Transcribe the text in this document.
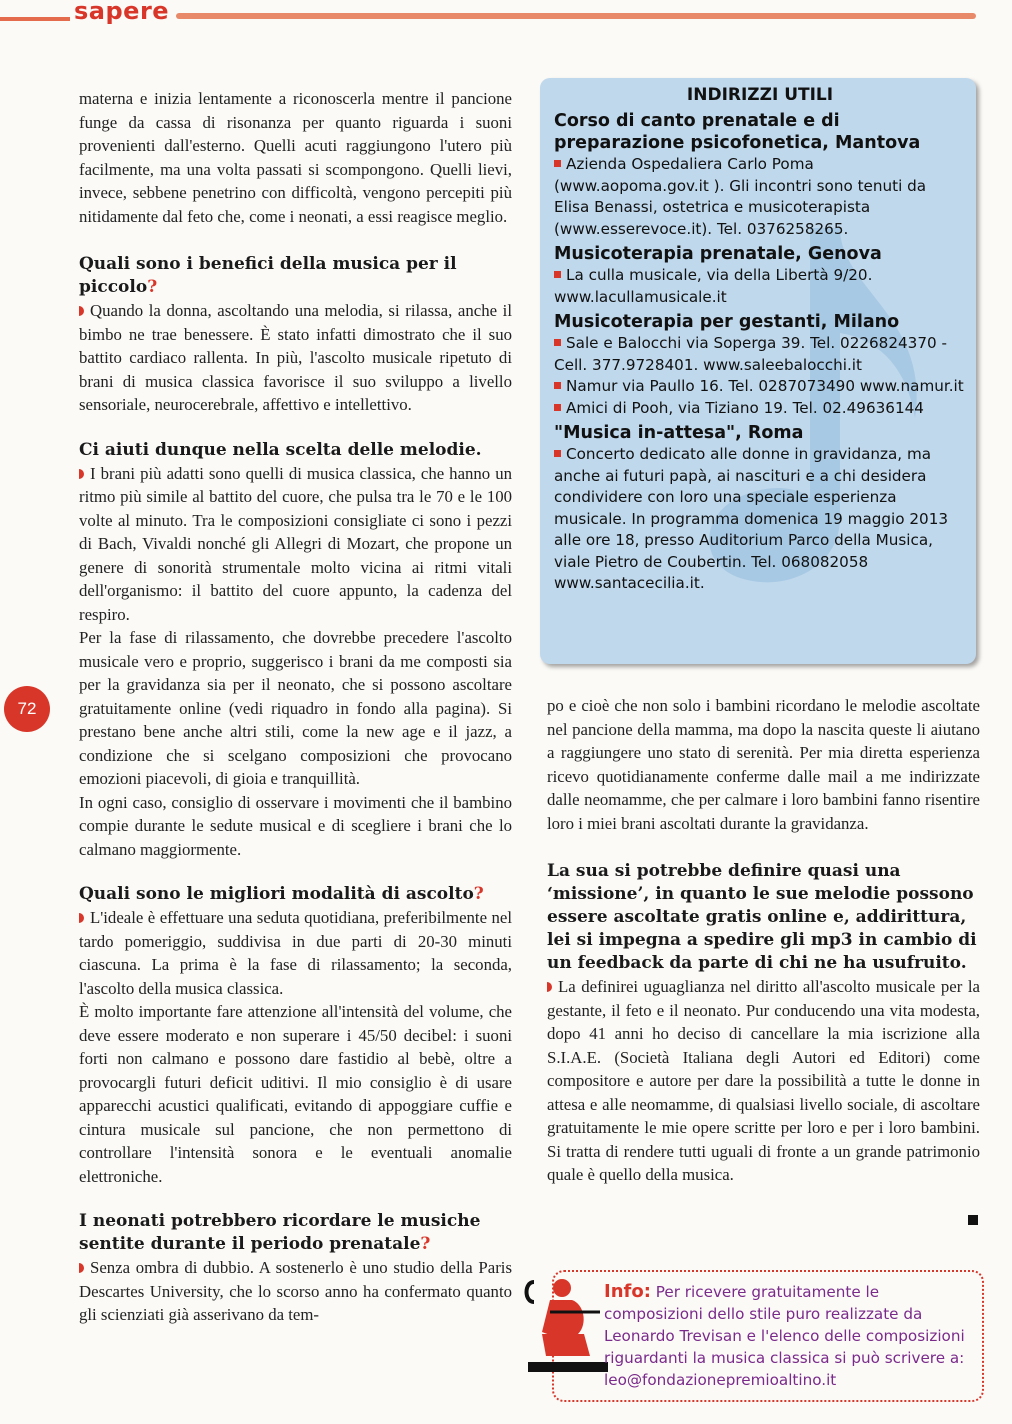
sapere

materna e inizia lentamente a riconoscerla mentre il pancione funge da cassa di risonanza per quanto riguarda i suoni provenienti dall'esterno. Quelli acuti raggiungono l'utero più facilmente, ma una volta passati si scompongono. Quelli lievi, invece, sebbene penetrino con difficoltà, vengono percepiti più nitidamente dal feto che, come i neonati, a essi reagisce meglio.

Quali sono i benefici della musica per il piccolo?

Quando la donna, ascoltando una melodia, si rilassa, anche il bimbo ne trae benessere. È stato infatti dimostrato che il suo battito cardiaco rallenta. In più, l'ascolto musicale ripetuto di brani di musica classica favorisce il suo sviluppo a livello sensoriale, neurocerebrale, affettivo e intellettivo.

Ci aiuti dunque nella scelta delle melodie.

I brani più adatti sono quelli di musica classica, che hanno un ritmo più simile al battito del cuore, che pulsa tra le 70 e le 100 volte al minuto. Tra le composizioni consigliate ci sono i pezzi di Bach, Vivaldi nonché gli Allegri di Mozart, che propone un genere di sonorità strumentale molto vicina ai ritmi vitali dell'organismo: il battito del cuore appunto, la cadenza del respiro.

Per la fase di rilassamento, che dovrebbe precedere l'ascolto musicale vero e proprio, suggerisco i brani da me composti sia per la gravidanza sia per il neonato, che si possono ascoltare gratuitamente online (vedi riquadro in fondo alla pagina). Si prestano bene anche altri stili, come la new age e il jazz, a condizione che si scelgano composizioni che provocano emozioni piacevoli, di gioia e tranquillità.

In ogni caso, consiglio di osservare i movimenti che il bambino compie durante le sedute musical e di scegliere i brani che lo calmano maggiormente.

Quali sono le migliori modalità di ascolto?

L'ideale è effettuare una seduta quotidiana, preferibilmente nel tardo pomeriggio, suddivisa in due parti di 20-30 minuti ciascuna. La prima è la fase di rilassamento; la seconda, l'ascolto della musica classica.

È molto importante fare attenzione all'intensità del volume, che deve essere moderato e non superare i 45/50 decibel: i suoni forti non calmano e possono dare fastidio al bebè, oltre a provocargli futuri deficit uditivi. Il mio consiglio è di usare apparecchi acustici qualificati, evitando di appoggiare cuffie e cintura musicale sul pancione, che non permettono di controllare l'intensità sonora e le eventuali anomalie elettroniche.

I neonati potrebbero ricordare le musiche sentite durante il periodo prenatale?

Senza ombra di dubbio. A sostenerlo è uno studio della Paris Descartes University, che lo scorso anno ha confermato quanto gli scienziati già asserivano da tem-

INDIRIZZI UTILI
Corso di canto prenatale e di preparazione psicofonetica, Mantova

Azienda Ospedaliera Carlo Poma (www.aopoma.gov.it ). Gli incontri sono tenuti da Elisa Benassi, ostetrica e musicoterapista (www.esserevoce.it). Tel. 0376258265.

Musicoterapia prenatale, Genova

La culla musicale, via della Libertà 9/20. www.lacullamusicale.it

Musicoterapia per gestanti, Milano

Sale e Balocchi via Soperga 39. Tel. 0226824370 - Cell. 377.9728401. www.saleebalocchi.it

Namur via Paullo 16. Tel. 0287073490 www.namur.it

Amici di Pooh, via Tiziano 19. Tel. 02.49636144

"Musica in-attesa", Roma

Concerto dedicato alle donne in gravidanza, ma anche ai futuri papà, ai nascituri e a chi desidera condividere con loro una speciale esperienza musicale. In programma domenica 19 maggio 2013 alle ore 18, presso Auditorium Parco della Musica, viale Pietro de Coubertin. Tel. 068082058 www.santacecilia.it.

72	po e cioè che non solo i bambini ricordano le melodie ascoltate nel pancione della mamma, ma dopo la nascita queste li aiutano a raggiungere uno stato di serenità. Per mia diretta esperienza ricevo quotidianamente conferme dalle mail a me indirizzate dalle neomamme, che per calmare i loro bambini fanno risentire loro i miei brani ascoltati durante la gravidanza.

La sua si potrebbe definire quasi una ‘missione’, in quanto le sue melodie possono essere ascoltate gratis online e, addirittura, lei si impegna a spedire gli mp3 in cambio di un feedback da parte di chi ne ha usufruito.

La definirei uguaglianza nel diritto all'ascolto musicale per la gestante, il feto e il neonato. Pur conducendo una vita modesta, dopo 41 anni ho deciso di cancellare la mia iscrizione alla S.I.A.E. (Società Italiana degli Autori ed Editori) come compositore e autore per dare la possibilità a tutte le donne in attesa e alle neomamme, di qualsiasi livello sociale, di ascoltare gratuitamente le mie opere scritte per loro e per i loro bambini. Si tratta di rendere tutti uguali di fronte a un grande patrimonio quale è quello della musica.

Info: Per ricevere gratuitamente le composizioni dello stile puro realizzate da Leonardo Trevisan e l'elenco delle composizioni riguardanti la musica classica si può scrivere a: leo@fondazionepremioaltino.it
